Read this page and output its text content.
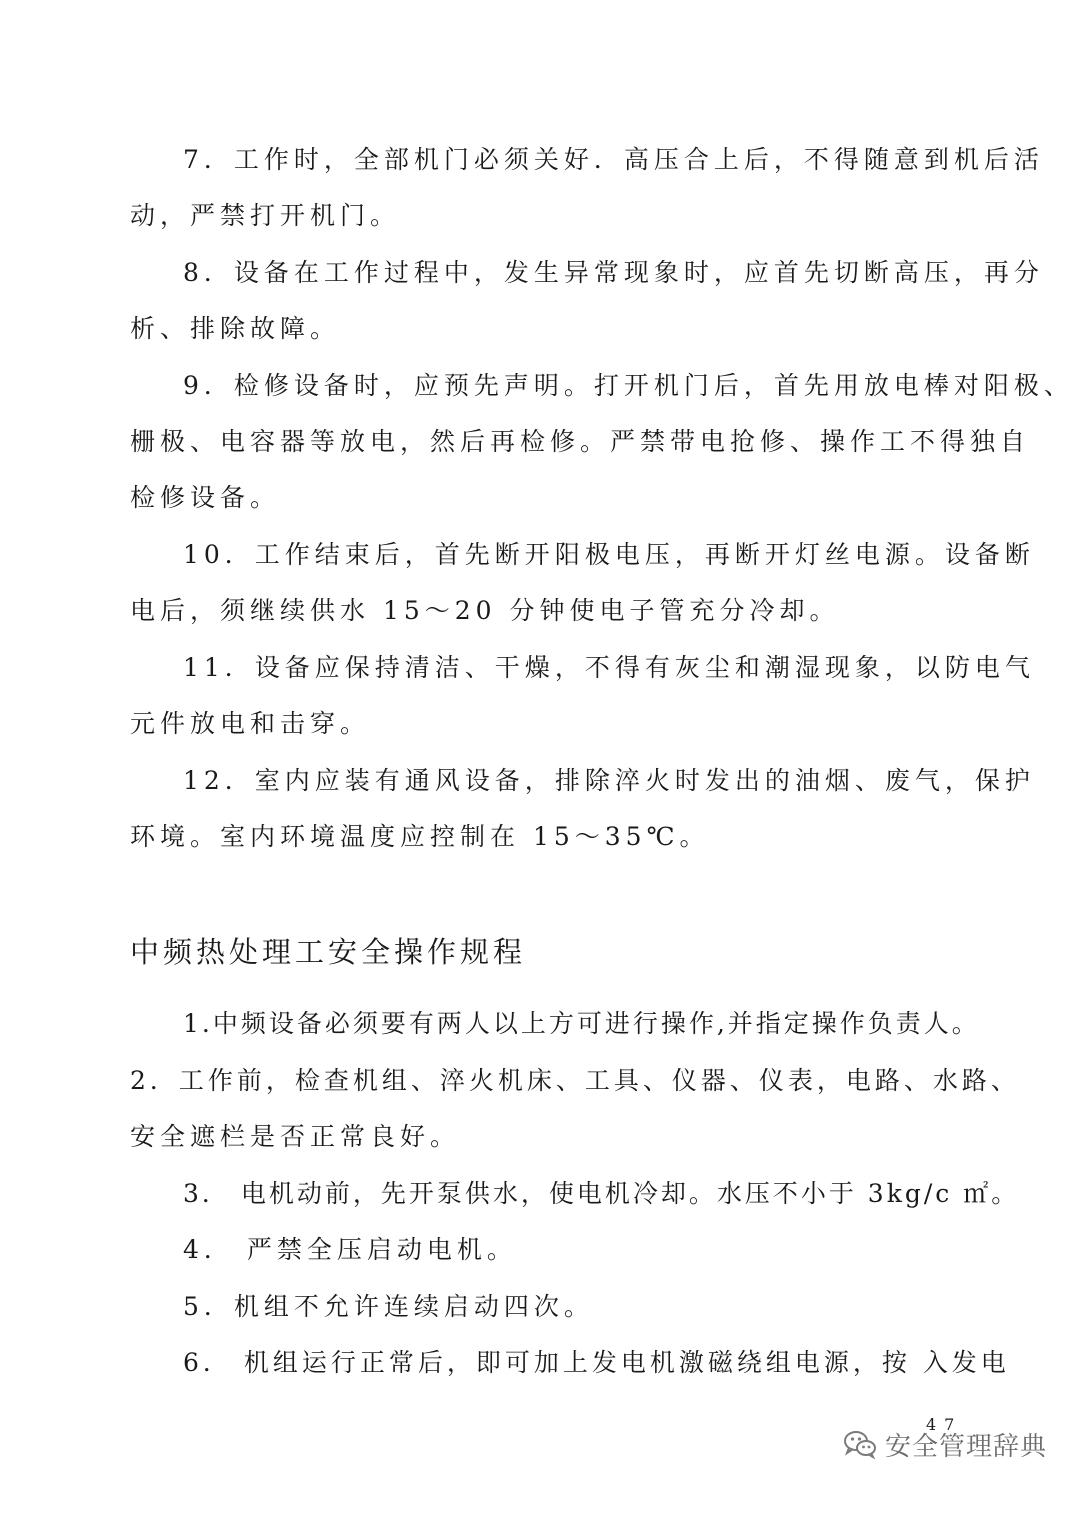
7．工作时，全部机门必须关好．高压合上后，不得随意到机后活
动，严禁打开机门。
8．设备在工作过程中，发生异常现象时，应首先切断高压，再分
析、排除故障。
9．检修设备时，应预先声明。打开机门后，首先用放电棒对阳极、
栅极、电容器等放电，然后再检修。严禁带电抢修、操作工不得独自
检修设备。
10．工作结束后，首先断开阳极电压，再断开灯丝电源。设备断
电后，须继续供水 15～20 分钟使电子管充分冷却。
11．设备应保持清洁、干燥，不得有灰尘和潮湿现象，以防电气
元件放电和击穿。
12．室内应装有通风设备，排除淬火时发出的油烟、废气，保护
环境。室内环境温度应控制在 15～35℃。
中频热处理工安全操作规程
1.中频设备必须要有两人以上方可进行操作,并指定操作负责人。
2．工作前，检查机组、淬火机床、工具、仪器、仪表，电路、水路、
安全遮栏是否正常良好。
3． 电机动前，先开泵供水，使电机冷却。水压不小于 3kg/c ㎡。
4． 严禁全压启动电机。
5．机组不允许连续启动四次。
6． 机组运行正常后，即可加上发电机激磁绕组电源，按 入发电
47
安全管理辞典
